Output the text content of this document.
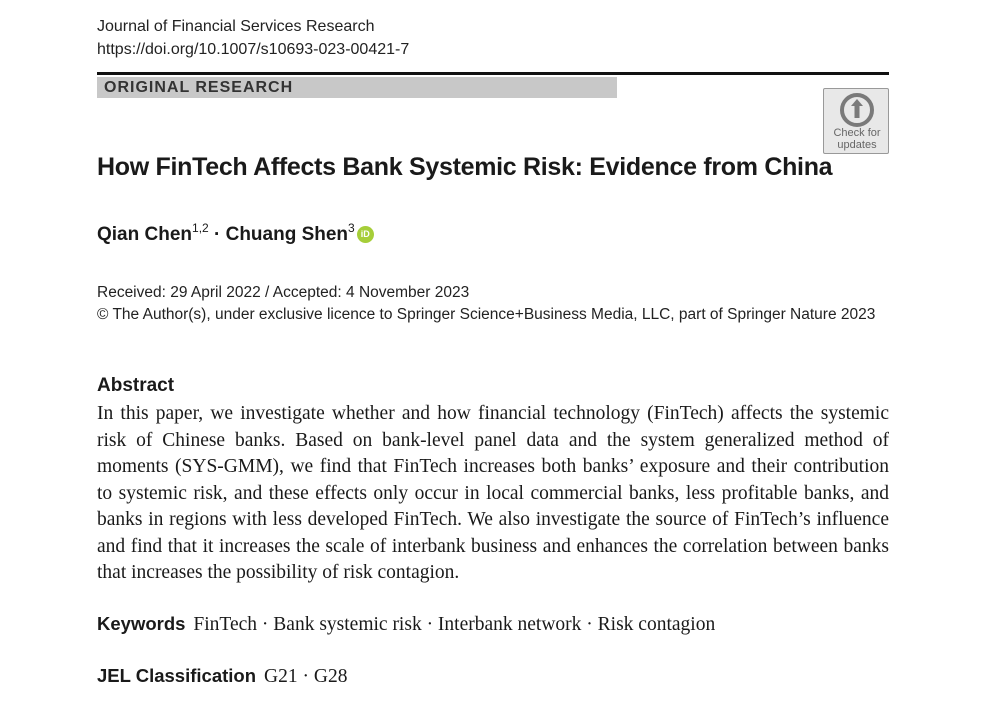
Journal of Financial Services Research
https://doi.org/10.1007/s10693-023-00421-7
ORIGINAL RESEARCH
Check for updates
How FinTech Affects Bank Systemic Risk: Evidence from China
Qian Chen$^{1,2}$ · Chuang Shen$^3$ iD
Received: 29 April 2022 / Accepted: 4 November 2023
© The Author(s), under exclusive licence to Springer Science+Business Media, LLC, part of Springer Nature 2023
Abstract
In this paper, we investigate whether and how financial technology (FinTech) affects the systemic risk of Chinese banks. Based on bank-level panel data and the system generalized method of moments (SYS-GMM), we find that FinTech increases both banks’ exposure and their contribution to systemic risk, and these effects only occur in local commercial banks, less profitable banks, and banks in regions with less developed FinTech. We also investigate the source of FinTech’s influence and find that it increases the scale of interbank business and enhances the correlation between banks that increases the possibility of risk contagion.
Keywords FinTech · Bank systemic risk · Interbank network · Risk contagion
JEL Classification G21 · G28
